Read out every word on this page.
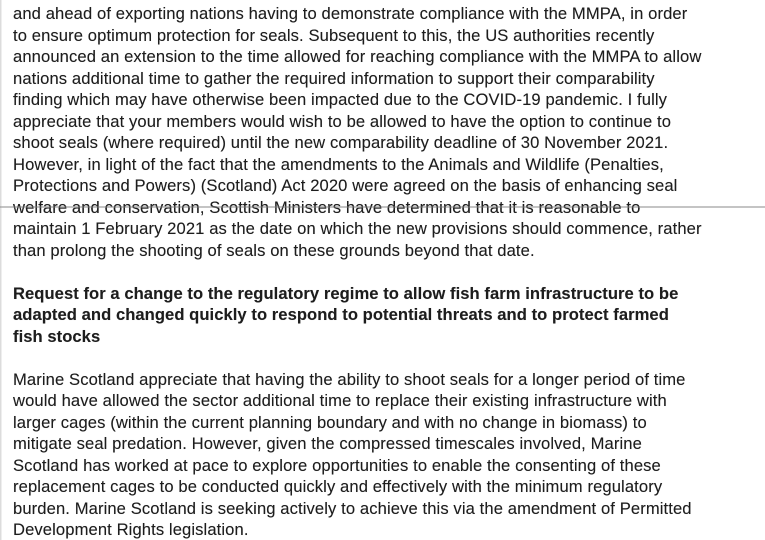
and ahead of exporting nations having to demonstrate compliance with the MMPA, in order
to ensure optimum protection for seals. Subsequent to this, the US authorities recently
announced an extension to the time allowed for reaching compliance with the MMPA to allow
nations additional time to gather the required information to support their comparability
finding which may have otherwise been impacted due to the COVID-19 pandemic. I fully
appreciate that your members would wish to be allowed to have the option to continue to
shoot seals (where required) until the new comparability deadline of 30 November 2021.
However, in light of the fact that the amendments to the Animals and Wildlife (Penalties,
Protections and Powers) (Scotland) Act 2020 were agreed on the basis of enhancing seal
welfare and conservation, Scottish Ministers have determined that it is reasonable to
maintain 1 February 2021 as the date on which the new provisions should commence, rather
than prolong the shooting of seals on these grounds beyond that date.
Request for a change to the regulatory regime to allow fish farm infrastructure to be
adapted and changed quickly to respond to potential threats and to protect farmed
fish stocks
Marine Scotland appreciate that having the ability to shoot seals for a longer period of time
would have allowed the sector additional time to replace their existing infrastructure with
larger cages (within the current planning boundary and with no change in biomass) to
mitigate seal predation. However, given the compressed timescales involved, Marine
Scotland has worked at pace to explore opportunities to enable the consenting of these
replacement cages to be conducted quickly and effectively with the minimum regulatory
burden. Marine Scotland is seeking actively to achieve this via the amendment of Permitted
Development Rights legislation.
